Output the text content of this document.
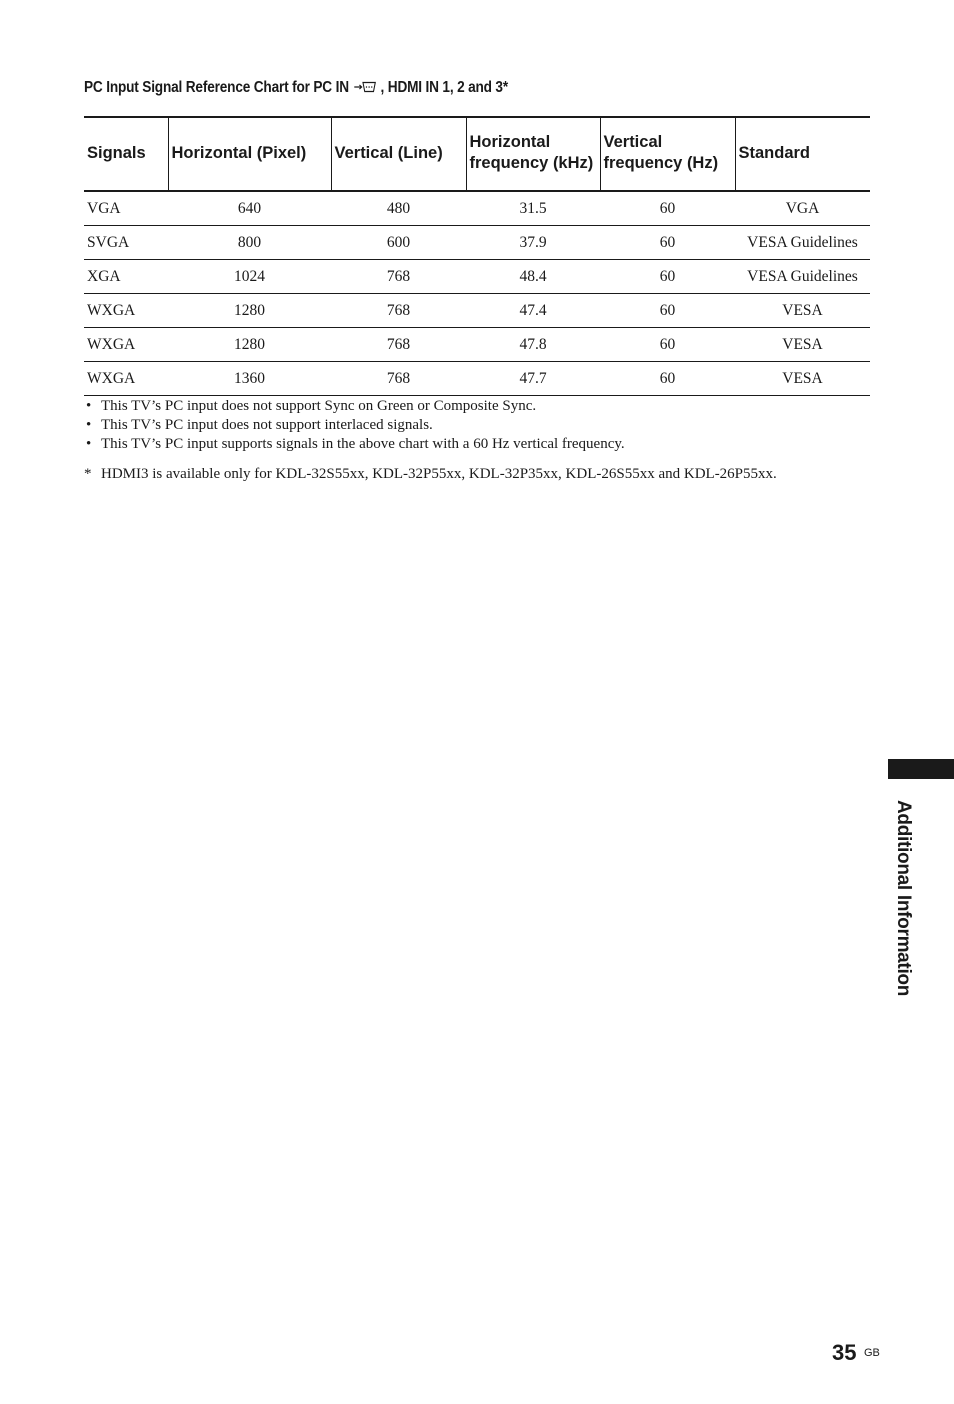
PC Input Signal Reference Chart for PC IN , HDMI IN 1, 2 and 3*
Signals	Horizontal (Pixel)	Vertical (Line)	Horizontal frequency (kHz)	Vertical frequency (Hz)	Standard
VGA	640	480	31.5	60	VGA
SVGA	800	600	37.9	60	VESA Guidelines
XGA	1024	768	48.4	60	VESA Guidelines
WXGA	1280	768	47.4	60	VESA
WXGA	1280	768	47.8	60	VESA
WXGA	1360	768	47.7	60	VESA
• This TV’s PC input does not support Sync on Green or Composite Sync.
• This TV’s PC input does not support interlaced signals.
• This TV’s PC input supports signals in the above chart with a 60 Hz vertical frequency.
* HDMI3 is available only for KDL-32S55xx, KDL-32P55xx, KDL-32P35xx, KDL-26S55xx and KDL-26P55xx.
Additional Information
35 GB
